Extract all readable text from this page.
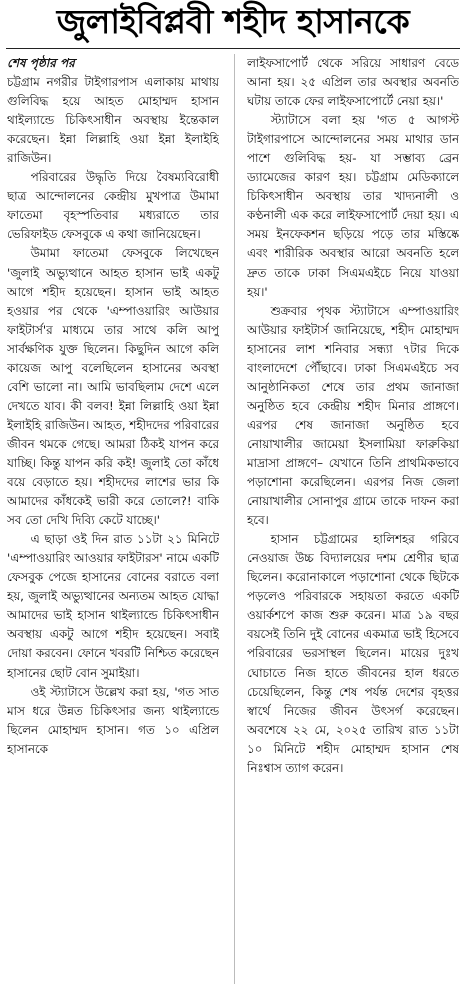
জুলাইবিপ্লবী শহীদ হাসানকে
শেষ পৃষ্ঠার পর

চট্টগ্রাম নগরীর টাইগারপাস এলাকায় মাথায় গুলিবিদ্ধ হয়ে আহত মোহাম্মদ হাসান থাইল্যান্ডে চিকিৎসাধীন অবস্থায় ইন্তেকাল করেছেন। ইন্না লিল্লাহি ওয়া ইন্না ইলাইহি রাজিউন।

পরিবারের উদ্ধৃতি দিয়ে বৈষম্যবিরোধী ছাত্র আন্দোলনের কেন্দ্রীয় মুখপাত্র উমামা ফাতেমা বৃহস্পতিবার মধ্যরাতে তার ভেরিফাইড ফেসবুকে এ কথা জানিয়েছেন।

উমামা ফাতেমা ফেসবুকে লিখেছেন 'জুলাই অভ্যুত্থানে আহত হাসান ভাই একটু আগে শহীদ হয়েছেন। হাসান ভাই আহত হওয়ার পর থেকে 'এম্পাওয়ারিং আউয়ার ফাইটার্স'র মাধ্যমে তার সাথে কলি আপু সার্বক্ষণিক যুক্ত ছিলেন। কিছুদিন আগে কলি কায়েজ আপু বলেছিলেন হাসানের অবস্থা বেশি ভালো না। আমি ভাবছিলাম দেশে এলে দেখতে যাব। কী বলব! ইন্না লিল্লাহি ওয়া ইন্না ইলাইহি রাজিউন। আহত, শহীদদের পরিবারের জীবন থমকে গেছে। আমরা ঠিকই যাপন করে যাচ্ছি। কিন্তু যাপন করি কই! জুলাই তো কাঁধে বয়ে বেড়াতে হয়। শহীদদের লাশের ভার কি আমাদের কাঁধকেই ভারী করে তোলে?! বাকি সব তো দেখি দিব্যি কেটে যাচ্ছে।'

এ ছাড়া ওই দিন রাত ১১টা ২১ মিনিটে 'এম্পাওয়ারিং আওয়ার ফাইটারস' নামে একটি ফেসবুক পেজে হাসানের বোনের বরাতে বলা হয়, জুলাই অভ্যুত্থানের অন্যতম আহত যোদ্ধা আমাদের ভাই হাসান থাইল্যান্ডে চিকিৎসাধীন অবস্থায় একটু আগে শহীদ হয়েছেন। সবাই দোয়া করবেন। ফোনে খবরটি নিশ্চিত করেছেন হাসানের ছোট বোন সুমাইয়া।

ওই স্ট্যাটাসে উল্লেখ করা হয়, 'গত সাত মাস ধরে উন্নত চিকিৎসার জন্য থাইল্যান্ডে ছিলেন মোহাম্মদ হাসান। গত ১০ এপ্রিল হাসানকে

লাইফসাপোর্ট থেকে সরিয়ে সাধারণ বেডে আনা হয়। ২৫ এপ্রিল তার অবস্থার অবনতি ঘটায় তাকে ফের লাইফসাপোর্টে নেয়া হয়।'

স্ট্যাটাসে বলা হয় 'গত ৫ আগস্ট টাইগারপাসে আন্দোলনের সময় মাথার ডান পাশে গুলিবিদ্ধ হয়- যা সম্ভাব্য ব্রেন ড্যামেজের কারণ হয়। চট্টগ্রাম মেডিক্যালে চিকিৎসাধীন অবস্থায় তার খাদ্যনালী ও কণ্ঠনালী এক করে লাইফসাপোর্ট দেয়া হয়। এ সময় ইনফেকশন ছড়িয়ে পড়ে তার মস্তিষ্কে এবং শারীরিক অবস্থার আরো অবনতি হলে দ্রুত তাকে ঢাকা সিএমএইচে নিয়ে যাওয়া হয়।'

শুক্রবার পৃথক স্ট্যাটাসে এম্পাওয়ারিং আউয়ার ফাইটার্স জানিয়েছে, শহীদ মোহাম্মদ হাসানের লাশ শনিবার সন্ধ্যা ৭টার দিকে বাংলাদেশে পৌঁছাবে। ঢাকা সিএমএইচে সব আনুষ্ঠানিকতা শেষে তার প্রথম জানাজা অনুষ্ঠিত হবে কেন্দ্রীয় শহীদ মিনার প্রাঙ্গণে। এরপর শেষ জানাজা অনুষ্ঠিত হবে নোয়াখালীর জামেয়া ইসলামিয়া ফারুকিয়া মাদ্রাসা প্রাঙ্গণে– যেখানে তিনি প্রাথমিকভাবে পড়াশোনা করেছিলেন। এরপর নিজ জেলা নোয়াখালীর সোনাপুর গ্রামে তাকে দাফন করা হবে।

হাসান চট্টগ্রামের হালিশহর গরিবে নেওয়াজ উচ্চ বিদ্যালয়ের দশম শ্রেণীর ছাত্র ছিলেন। করোনাকালে পড়াশোনা থেকে ছিটকে পড়লেও পরিবারকে সহায়তা করতে একটি ওয়ার্কশপে কাজ শুরু করেন। মাত্র ১৯ বছর বয়সেই তিনি দুই বোনের একমাত্র ভাই হিসেবে পরিবারের ভরসাস্থল ছিলেন। মায়ের দুঃখ ঘোচাতে নিজ হাতে জীবনের হাল ধরতে চেয়েছিলেন, কিন্তু শেষ পর্যন্ত দেশের বৃহত্তর স্বার্থে নিজের জীবন উৎসর্গ করেছেন। অবশেষে ২২ মে, ২০২৫ তারিখ রাত ১১টা ১০ মিনিটে শহীদ মোহাম্মদ হাসান শেষ নিঃশ্বাস ত্যাগ করেন।
